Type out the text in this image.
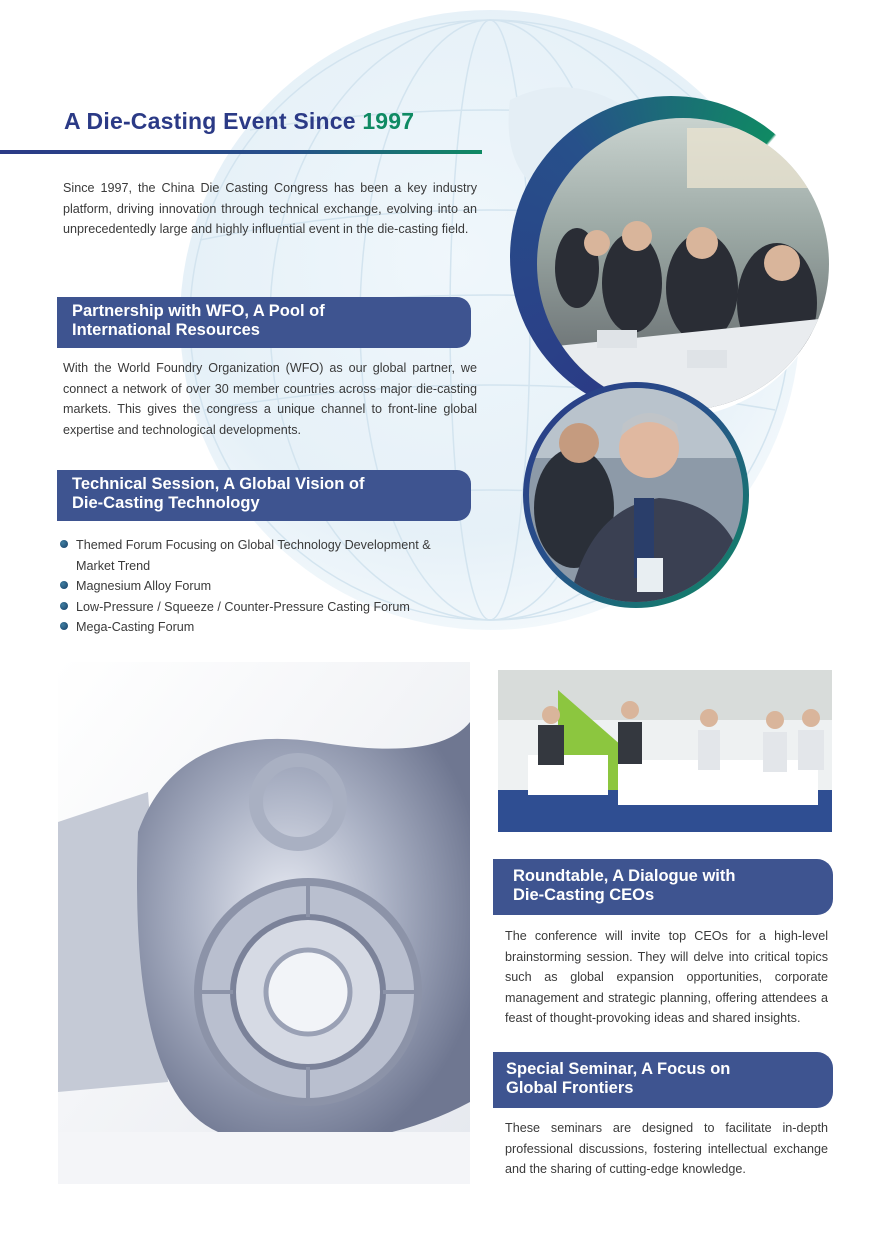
A Die-Casting Event Since 1997

Since 1997, the China Die Casting Congress has been a key industry platform, driving innovation through technical exchange, evolving into an unprecedentedly large and highly influential event in the die-casting field.

Partnership with WFO, A Pool of
International Resources

With the World Foundry Organization (WFO) as our global partner, we connect a network of over 30 member countries across major die-casting markets. This gives the congress a unique channel to front-line global expertise and technological developments.

Technical Session, A Global Vision of
Die-Casting Technology
Themed Forum Focusing on Global Technology Development & Market Trend
Magnesium Alloy Forum
Low-Pressure / Squeeze / Counter-Pressure Casting Forum
Mega-Casting Forum
Roundtable, A Dialogue with
Die-Casting CEOs

The conference will invite top CEOs for a high-level brainstorming session. They will delve into critical topics such as global expansion opportunities, corporate management and strategic planning, offering attendees a feast of thought-provoking ideas and shared insights.

Special Seminar, A Focus on
Global Frontiers

These seminars are designed to facilitate in-depth professional discussions, fostering intellectual exchange and the sharing of cutting-edge knowledge.
